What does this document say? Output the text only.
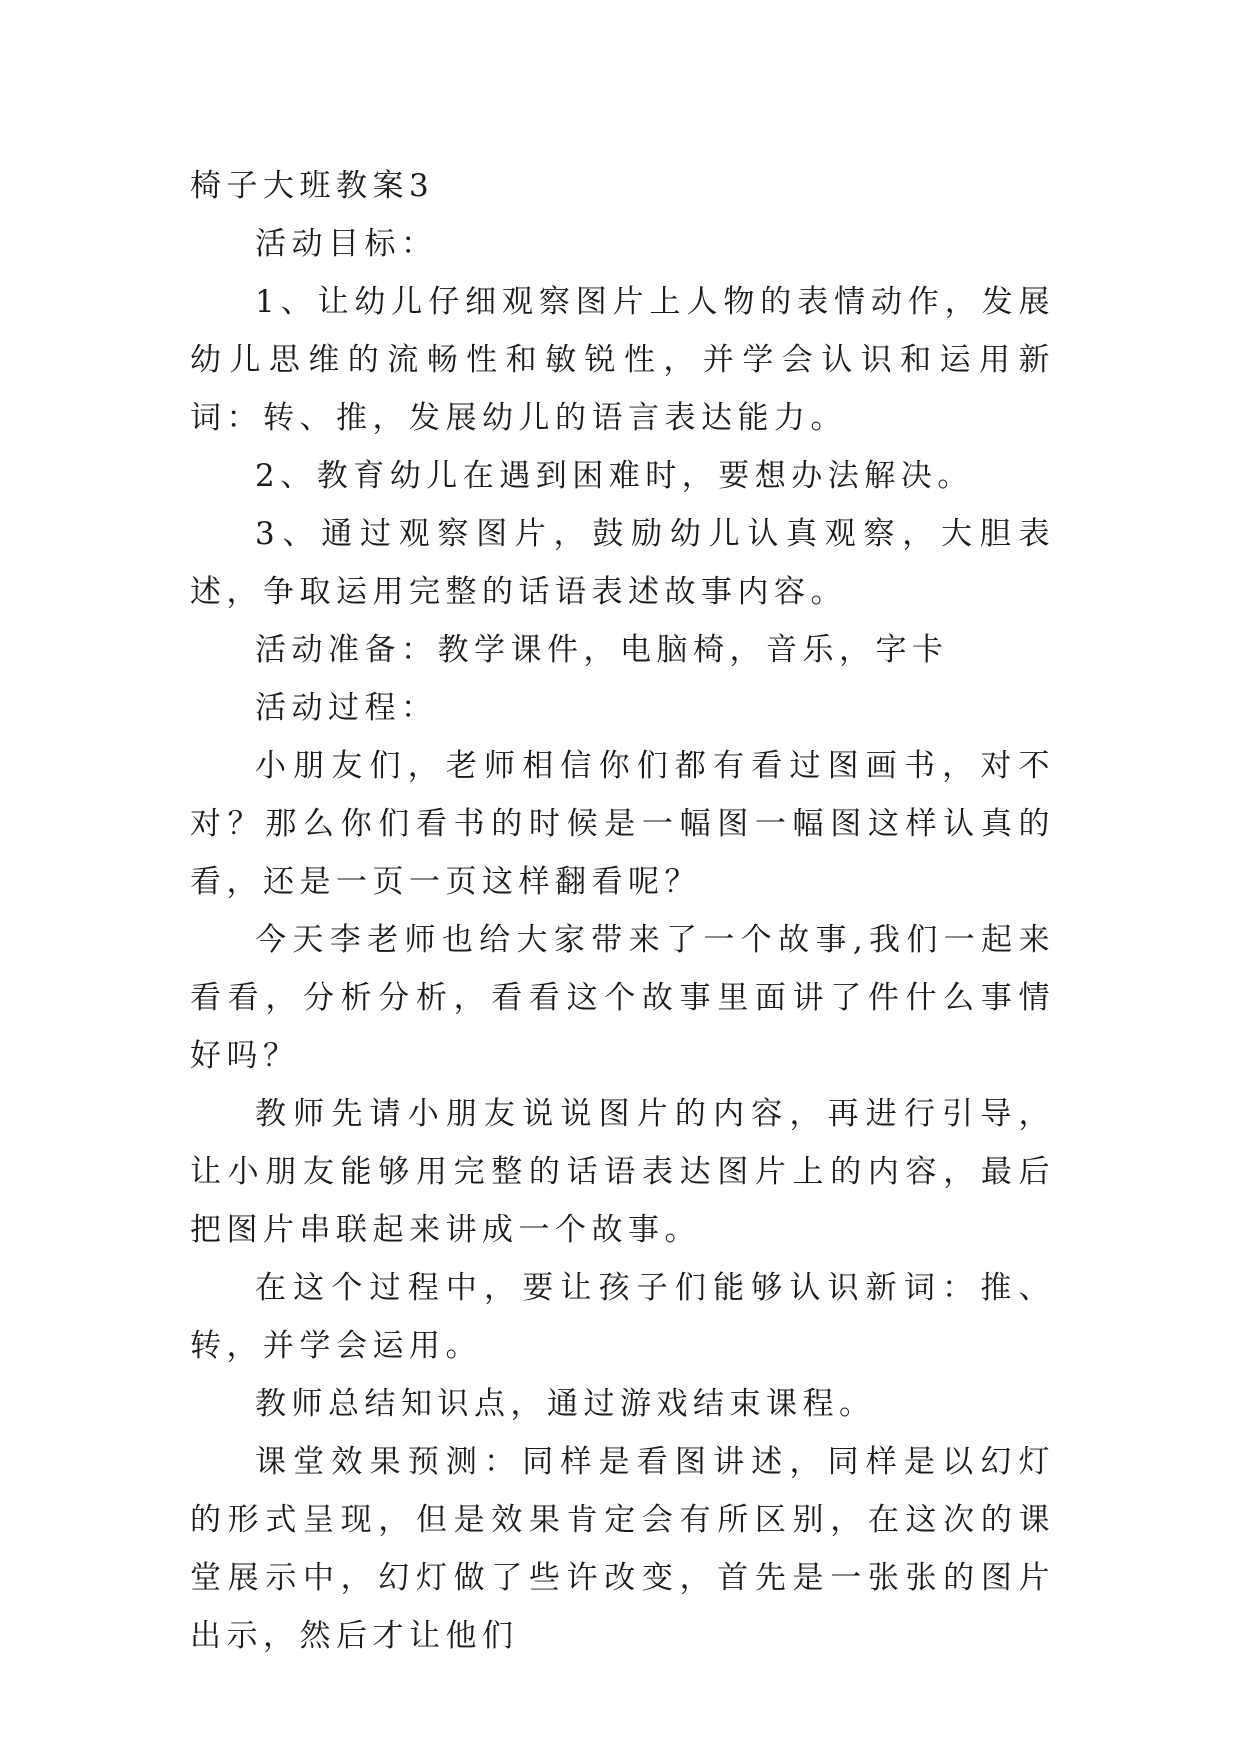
椅子大班教案3

活动目标：

1、让幼儿仔细观察图片上人物的表情动作，发展幼儿思维的流畅性和敏锐性，并学会认识和运用新词：转、推，发展幼儿的语言表达能力。

2、教育幼儿在遇到困难时，要想办法解决。

3、通过观察图片，鼓励幼儿认真观察，大胆表述，争取运用完整的话语表述故事内容。

活动准备：教学课件，电脑椅，音乐，字卡

活动过程：

小朋友们，老师相信你们都有看过图画书，对不对？那么你们看书的时候是一幅图一幅图这样认真的看，还是一页一页这样翻看呢？

今天李老师也给大家带来了一个故事,我们一起来看看，分析分析，看看这个故事里面讲了件什么事情好吗？

教师先请小朋友说说图片的内容，再进行引导，让小朋友能够用完整的话语表达图片上的内容，最后把图片串联起来讲成一个故事。

在这个过程中，要让孩子们能够认识新词：推、转，并学会运用。

教师总结知识点，通过游戏结束课程。

课堂效果预测：同样是看图讲述，同样是以幻灯的形式呈现，但是效果肯定会有所区别，在这次的课堂展示中，幻灯做了些许改变，首先是一张张的图片出示，然后才让他们
